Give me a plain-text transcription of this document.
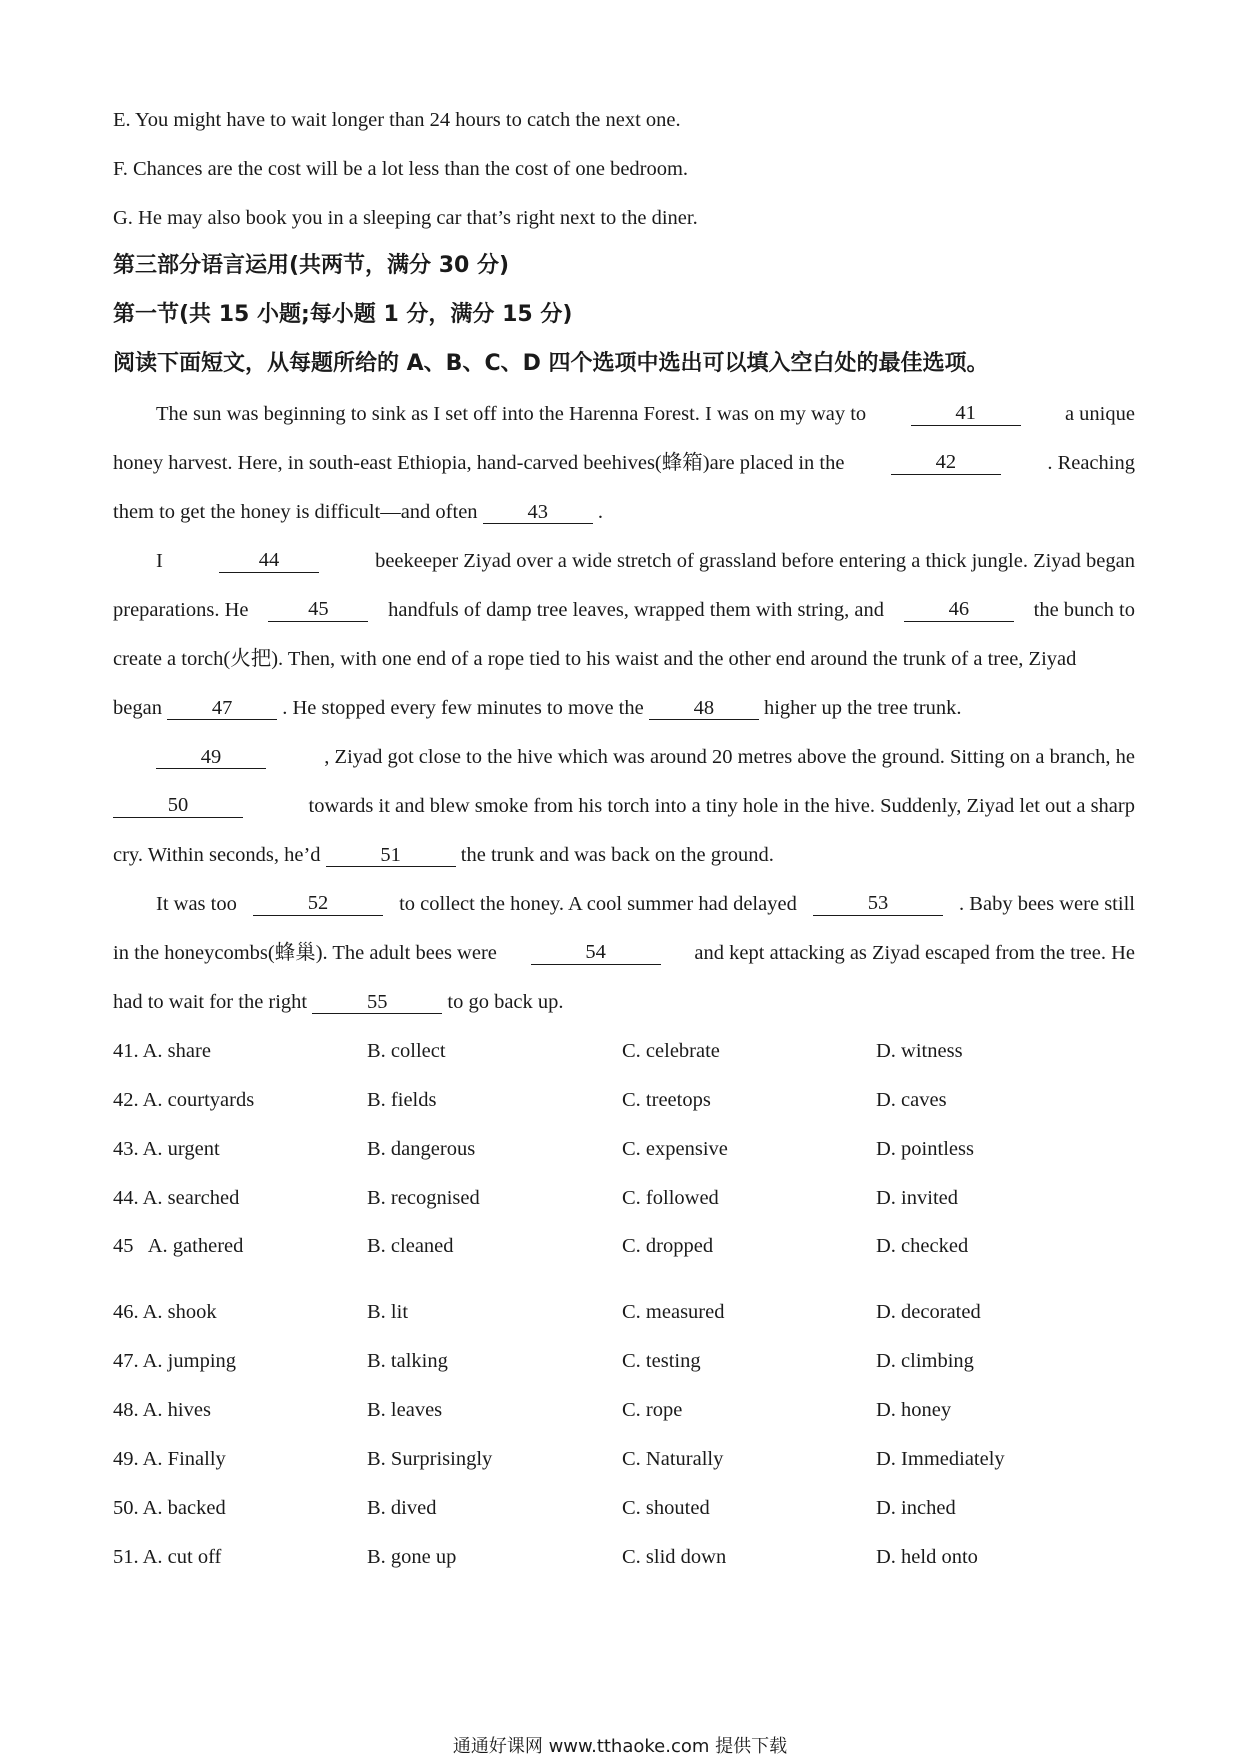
E. You might have to wait longer than 24 hours to catch the next one.
F. Chances are the cost will be a lot less than the cost of one bedroom.
G. He may also book you in a sleeping car that’s right next to the diner.
第三部分语言运用(共两节，满分 30 分)
第一节(共 15 小题;每小题 1 分，满分 15 分)
阅读下面短文，从每题所给的 A、B、C、D 四个选项中选出可以填入空白处的最佳选项。
The sun was beginning to sink as I set off into the Harenna Forest. I was on my way to	41	a unique
honey harvest. Here, in south-east Ethiopia, hand-carved beehives(蜂箱)are placed in the	42	. Reaching
them to get the honey is difficult—and often 43 .
I	44	beekeeper Ziyad over a wide stretch of grassland before entering a thick jungle. Ziyad began
preparations. He	45	handfuls of damp tree leaves, wrapped them with string, and	46	the bunch to
create a torch(火把). Then, with one end of a rope tied to his waist and the other end around the trunk of a tree, Ziyad
began 47 . He stopped every few minutes to move the 48 higher up the tree trunk.
49	, Ziyad got close to the hive which was around 20 metres above the ground. Sitting on a branch, he
50	towards it and blew smoke from his torch into a tiny hole in the hive. Suddenly, Ziyad let out a sharp
cry. Within seconds, he’d	51	the trunk and was back on the ground.
It was too	52	to collect the honey. A cool summer had delayed	53	. Baby bees were still
in the honeycombs(蜂巢). The adult bees were	54	and kept attacking as Ziyad escaped from the tree. He
had to wait for the right	55	to go back up.
41. A. share	B. collect	C. celebrate	D. witness
42. A. courtyards	B. fields	C. treetops	D. caves
43. A. urgent	B. dangerous	C. expensive	D. pointless
44. A. searched	B. recognised	C. followed	D. invited
45   A. gathered	B. cleaned	C. dropped	D. checked
46. A. shook	B. lit	C. measured	D. decorated
47. A. jumping	B. talking	C. testing	D. climbing
48. A. hives	B. leaves	C. rope	D. honey
49. A. Finally	B. Surprisingly	C. Naturally	D. Immediately
50. A. backed	B. dived	C. shouted	D. inched
51. A. cut off	B. gone up	C. slid down	D. held onto
通通好课网 www.tthaoke.com 提供下载
